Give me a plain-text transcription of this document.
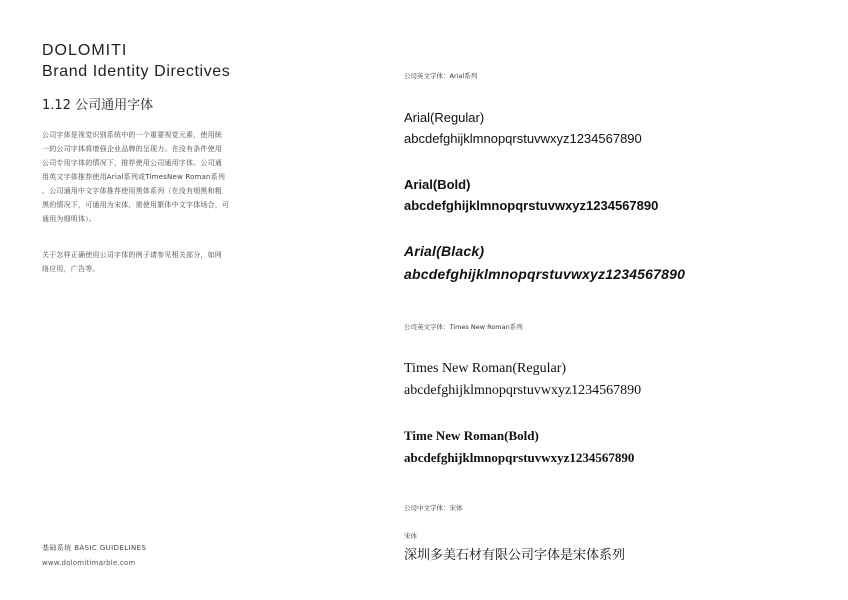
DOLOMITI
Brand Identity Directives
1.12 公司通用字体
公司字体是视觉识别系统中的一个重要视觉元素，使用统
一的公司字体将增强企业品牌的呈现力。在没有条件使用
公司专用字体的情况下，推荐使用公司通用字体。公司通
用英文字体推荐使用Arial系列或TimesNew Roman系列
。公司通用中文字体推荐使用黑体系列（在没有细黑和粗
黑的情况下，可通用为宋体，需使用繁体中文字体场合，可
通用为细明体）。
关于怎样正确使用公司字体的例子请参见相关部分，如网
络应用，广告等。
基础系统 BASIC GUIDELINES
www.dolomitimarble.com
公司英文字体：Arial系列
Arial(Regular)
abcdefghijklmnopqrstuvwxyz1234567890
Arial(Bold)
abcdefghijklmnopqrstuvwxyz1234567890
Arial(Black)
abcdefghijklmnopqrstuvwxyz1234567890
公司英文字体：Times New Roman系列
Times New Roman(Regular)
abcdefghijklmnopqrstuvwxyz1234567890
Time New Roman(Bold)
abcdefghijklmnopqrstuvwxyz1234567890
公司中文字体：宋体
宋体
深圳多美石材有限公司字体是宋体系列
